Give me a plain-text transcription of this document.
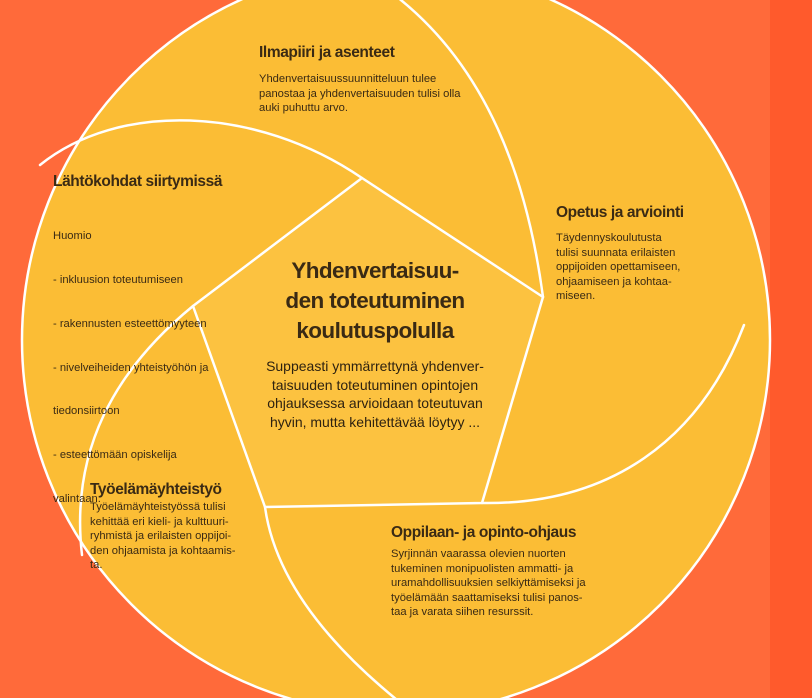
Ilmapiiri ja asenteet
Yhdenvertaisuussuunnitteluun tulee
panostaa ja yhdenvertaisuuden tulisi olla
auki puhuttu arvo.
Lähtökohdat siirtymissä

Huomio

- inkluusion toteutumiseen

- rakennusten esteettömyyteen

- nivelveiheiden yhteistyöhön ja

tiedonsiirtoon

- esteettömään opiskelija

valintaan.

Opetus ja arviointi
Täydennyskoulutusta
tulisi suunnata erilaisten
oppijoiden opettamiseen,
ohjaamiseen ja kohtaa-
miseen.
Yhdenvertaisuu-
den toteutuminen
koulutuspolulla
Suppeasti ymmärrettynä yhdenver-
taisuuden toteutuminen opintojen
ohjauksessa arvioidaan toteutuvan
hyvin, mutta kehitettävää löytyy ...
Työelämäyhteistyö
Työelämäyhteistyössä tulisi
kehittää eri kieli- ja kulttuuri-
ryhmistä ja erilaisten oppijoi-
den ohjaamista ja kohtaamis-
ta.
Oppilaan- ja opinto-ohjaus
Syrjinnän vaarassa olevien nuorten
tukeminen monipuolisten ammatti- ja
uramahdollisuuksien selkiyttämiseksi ja
työelämään saattamiseksi tulisi panos-
taa ja varata siihen resurssit.
